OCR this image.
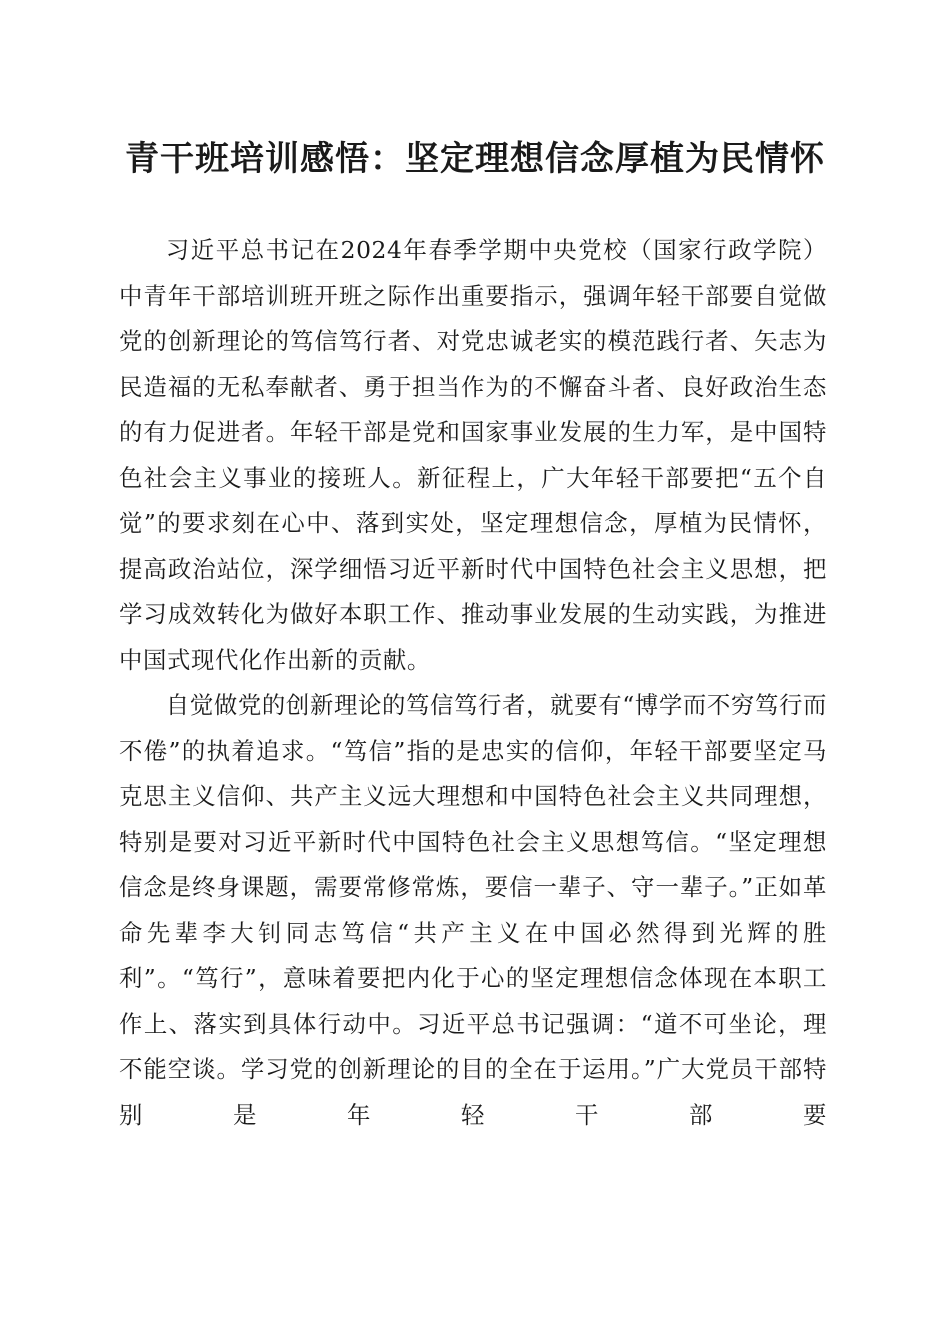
青干班培训感悟：坚定理想信念厚植为民情怀

习近平总书记在2024年春季学期中央党校（国家行政学院）中青年干部培训班开班之际作出重要指示，强调年轻干部要自觉做党的创新理论的笃信笃行者、对党忠诚老实的模范践行者、矢志为民造福的无私奉献者、勇于担当作为的不懈奋斗者、良好政治生态的有力促进者。年轻干部是党和国家事业发展的生力军，是中国特色社会主义事业的接班人。新征程上，广大年轻干部要把“五个自觉”的要求刻在心中、落到实处，坚定理想信念，厚植为民情怀，提高政治站位，深学细悟习近平新时代中国特色社会主义思想，把学习成效转化为做好本职工作、推动事业发展的生动实践，为推进中国式现代化作出新的贡献。

自觉做党的创新理论的笃信笃行者，就要有“博学而不穷笃行而不倦”的执着追求。“笃信”指的是忠实的信仰，年轻干部要坚定马克思主义信仰、共产主义远大理想和中国特色社会主义共同理想，特别是要对习近平新时代中国特色社会主义思想笃信。“坚定理想信念是终身课题，需要常修常炼，要信一辈子、守一辈子。”正如革命先辈李大钊同志笃信“共产主义在中国必然得到光辉的胜利”。“笃行”，意味着要把内化于心的坚定理想信念体现在本职工作上、落实到具体行动中。习近平总书记强调：“道不可坐论，理不能空谈。学习党的创新理论的目的全在于运用。”广大党员干部特别是年轻干部要
